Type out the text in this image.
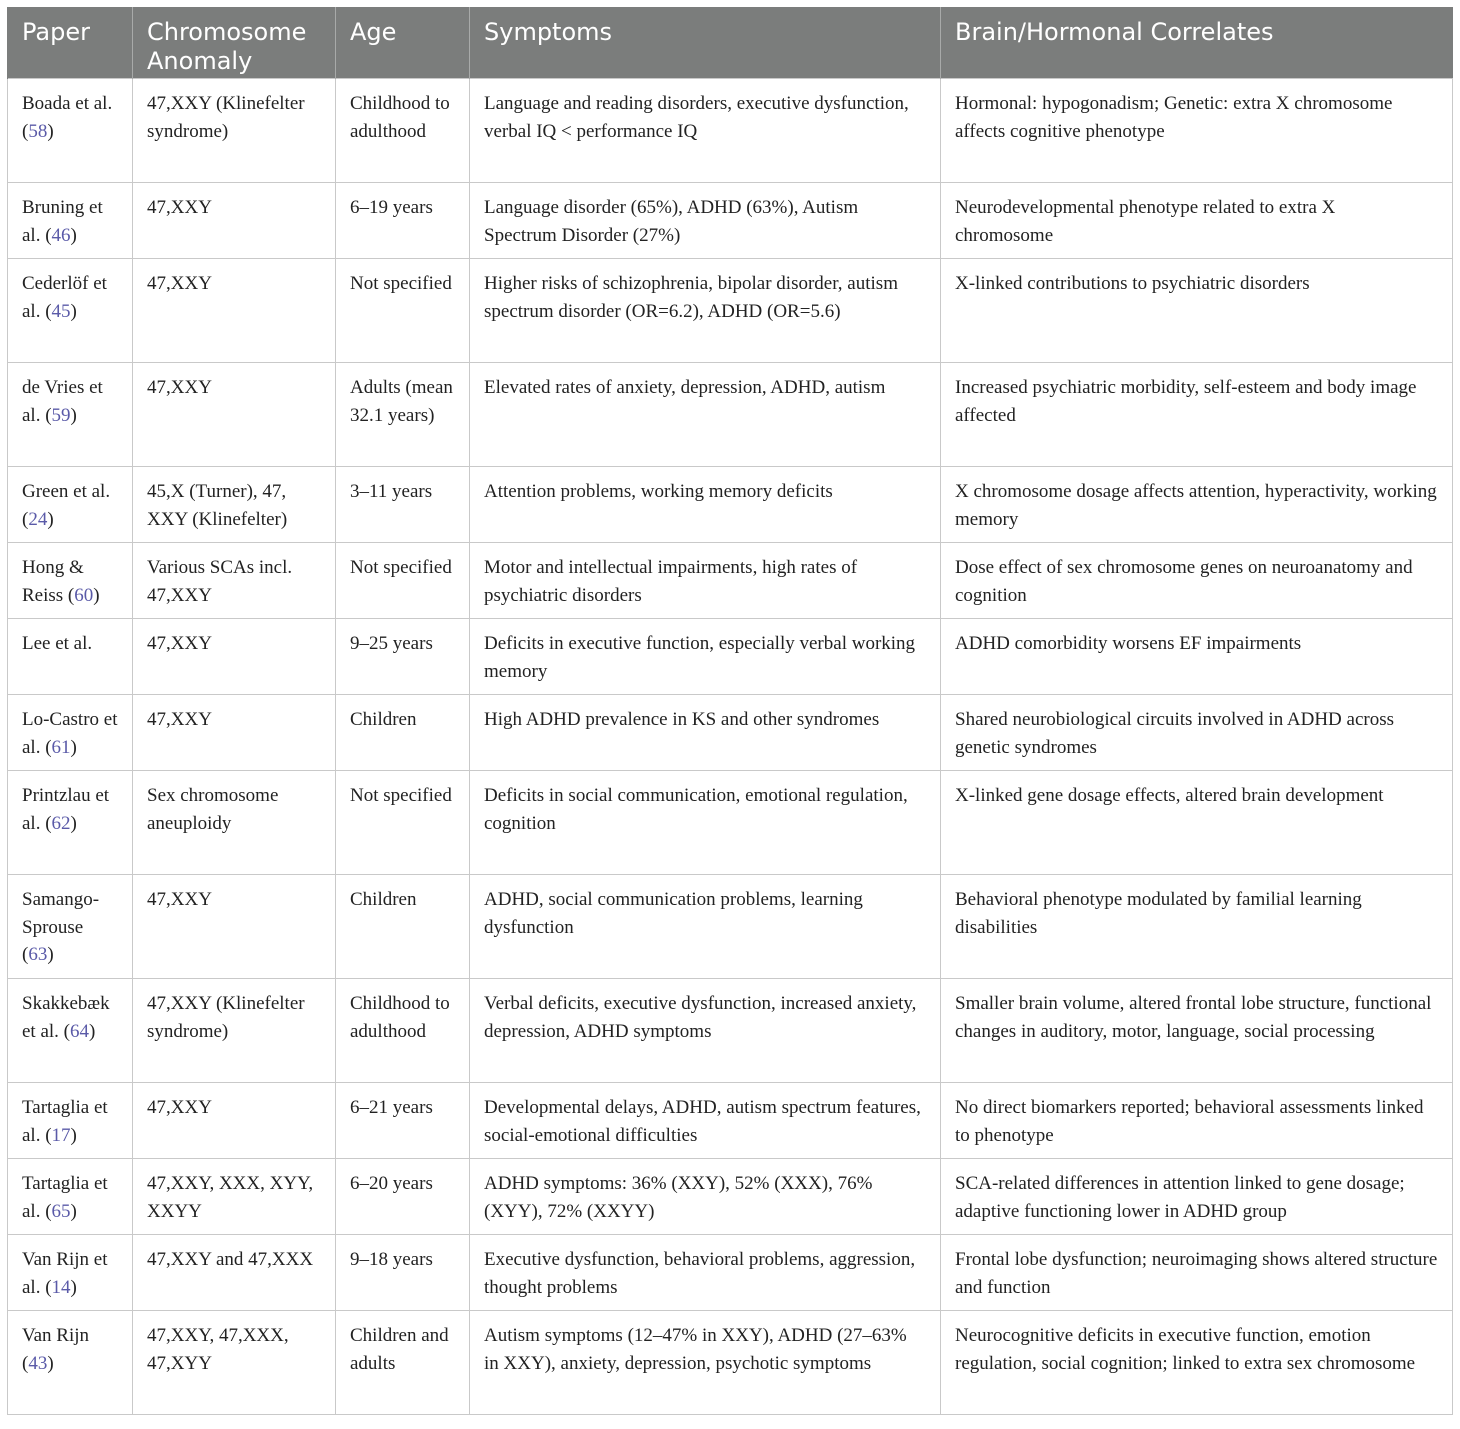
Paper	Chromosome Anomaly	Age	Symptoms	Brain/Hormonal Correlates
Boada et al. (58)	47,XXY (Klinefelter syndrome)	Childhood to adulthood	Language and reading disorders, executive dysfunction, verbal IQ < performance IQ	Hormonal: hypogonadism; Genetic: extra X chromosome affects cognitive phenotype
Bruning et al. (46)	47,XXY	6–19 years	Language disorder (65%), ADHD (63%), Autism Spectrum Disorder (27%)	Neurodevelopmental phenotype related to extra X chromosome
Cederlöf et al. (45)	47,XXY	Not specified	Higher risks of schizophrenia, bipolar disorder, autism spectrum disorder (OR=6.2), ADHD (OR=5.6)	X-linked contributions to psychiatric disorders
de Vries et al. (59)	47,XXY	Adults (mean 32.1 years)	Elevated rates of anxiety, depression, ADHD, autism	Increased psychiatric morbidity, self-esteem and body image affected
Green et al. (24)	45,X (Turner), 47, XXY (Klinefelter)	3–11 years	Attention problems, working memory deficits	X chromosome dosage affects attention, hyperactivity, working memory
Hong & Reiss (60)	Various SCAs incl. 47,XXY	Not specified	Motor and intellectual impairments, high rates of psychiatric disorders	Dose effect of sex chromosome genes on neuroanatomy and cognition
Lee et al.	47,XXY	9–25 years	Deficits in executive function, especially verbal working memory	ADHD comorbidity worsens EF impairments
Lo-Castro et al. (61)	47,XXY	Children	High ADHD prevalence in KS and other syndromes	Shared neurobiological circuits involved in ADHD across genetic syndromes
Printzlau et al. (62)	Sex chromosome aneuploidy	Not specified	Deficits in social communication, emotional regulation, cognition	X-linked gene dosage effects, altered brain development
Samango-Sprouse (63)	47,XXY	Children	ADHD, social communication problems, learning dysfunction	Behavioral phenotype modulated by familial learning disabilities
Skakkebæk et al. (64)	47,XXY (Klinefelter syndrome)	Childhood to adulthood	Verbal deficits, executive dysfunction, increased anxiety, depression, ADHD symptoms	Smaller brain volume, altered frontal lobe structure, functional changes in auditory, motor, language, social processing
Tartaglia et al. (17)	47,XXY	6–21 years	Developmental delays, ADHD, autism spectrum features, social-emotional difficulties	No direct biomarkers reported; behavioral assessments linked to phenotype
Tartaglia et al. (65)	47,XXY, XXX, XYY, XXYY	6–20 years	ADHD symptoms: 36% (XXY), 52% (XXX), 76% (XYY), 72% (XXYY)	SCA-related differences in attention linked to gene dosage; adaptive functioning lower in ADHD group
Van Rijn et al. (14)	47,XXY and 47,XXX	9–18 years	Executive dysfunction, behavioral problems, aggression, thought problems	Frontal lobe dysfunction; neuroimaging shows altered structure and function
Van Rijn (43)	47,XXY, 47,XXX, 47,XYY	Children and adults	Autism symptoms (12–47% in XXY), ADHD (27–63% in XXY), anxiety, depression, psychotic symptoms	Neurocognitive deficits in executive function, emotion regulation, social cognition; linked to extra sex chromosome
